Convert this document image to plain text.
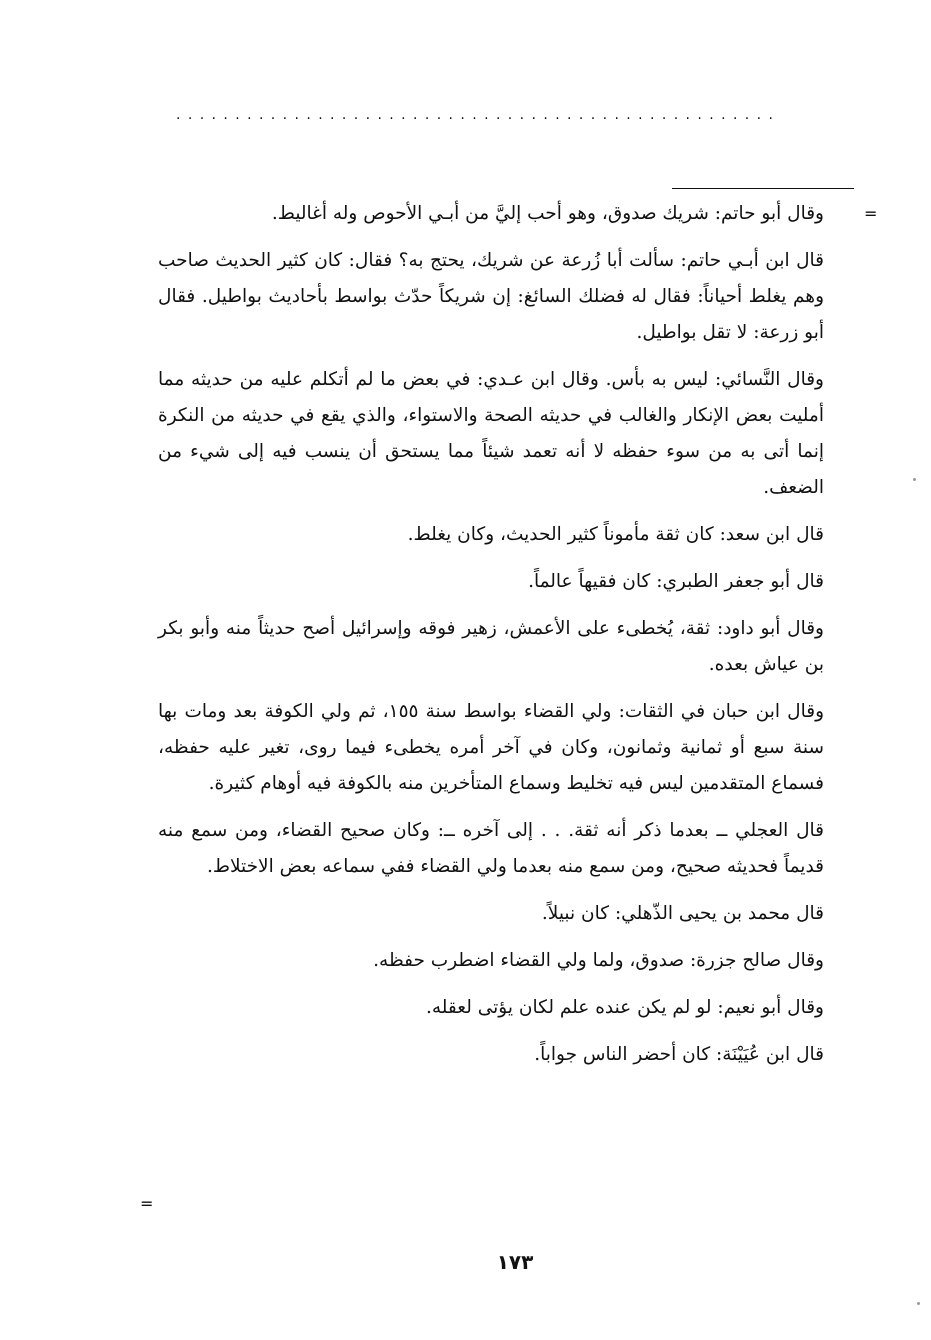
...................................................
=

وقال أبو حاتم: شريك صدوق، وهو أحب إليَّ من أبـي الأحوص وله أغاليط.

قال ابن أبـي حاتم: سألت أبا زُرعة عن شريك، يحتج به؟ فقال: كان كثير الحديث صاحب وهم يغلط أحياناً: فقال له فضلك السائغ: إن شريكاً حدّث بواسط بأحاديث بواطيل. فقال أبو زرعة: لا تقل بواطيل.

وقال النَّسائي: ليس به بأس. وقال ابن عـدي: في بعض ما لم أتكلم عليه من حديثه مما أمليت بعض الإنكار والغالب في حديثه الصحة والاستواء، والذي يقع في حديثه من النكرة إنما أتى به من سوء حفظه لا أنه تعمد شيئاً مما يستحق أن ينسب فيه إلى شيء من الضعف.

قال ابن سعد: كان ثقة مأموناً كثير الحديث، وكان يغلط.

قال أبو جعفر الطبري: كان فقيهاً عالماً.

وقال أبو داود: ثقة، يُخطىء على الأعمش، زهير فوقه وإسرائيل أصح حديثاً منه وأبو بكر بن عياش بعده.

وقال ابن حبان في الثقات: ولي القضاء بواسط سنة ١٥٥، ثم ولي الكوفة بعد ومات بها سنة سبع أو ثمانية وثمانون، وكان في آخر أمره يخطىء فيما روى، تغير عليه حفظه، فسماع المتقدمين ليس فيه تخليط وسماع المتأخرين منه بالكوفة فيه أوهام كثيرة.

قال العجلي ــ بعدما ذكر أنه ثقة. . . إلى آخره ــ: وكان صحيح القضاء، ومن سمع منه قديماً فحديثه صحيح، ومن سمع منه بعدما ولي القضاء ففي سماعه بعض الاختلاط.

قال محمد بن يحيى الذّهلي: كان نبيلاً.

وقال صالح جزرة: صدوق، ولما ولي القضاء اضطرب حفظه.

وقال أبو نعيم: لو لم يكن عنده علم لكان يؤتى لعقله.

قال ابن عُيَيْنَة: كان أحضر الناس جواباً.

=
١٧٣
